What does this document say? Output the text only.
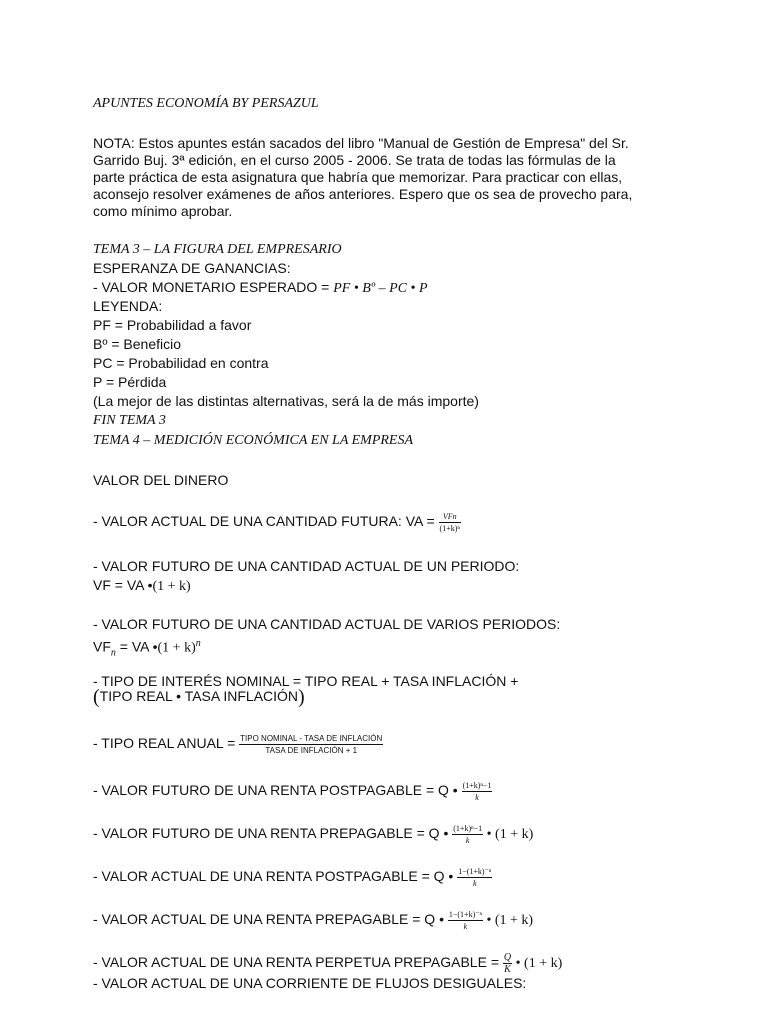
APUNTES ECONOMÍA BY PERSAZUL
NOTA: Estos apuntes están sacados del libro "Manual de Gestión de Empresa" del Sr.
Garrido Buj. 3ª edición, en el curso 2005 - 2006. Se trata de todas las fórmulas de la
parte práctica de esta asignatura que habría que memorizar. Para practicar con ellas,
aconsejo resolver exámenes de años anteriores. Espero que os sea de provecho para,
como mínimo aprobar.
TEMA 3 – LA FIGURA DEL EMPRESARIO
ESPERANZA DE GANANCIAS:
- VALOR MONETARIO ESPERADO = PF • Bº – PC • P
LEYENDA:
PF = Probabilidad a favor
Bº = Beneficio
PC = Probabilidad en contra
P = Pérdida
(La mejor de las distintas alternativas, será la de más importe)
FIN TEMA 3
TEMA 4 – MEDICIÓN ECONÓMICA EN LA EMPRESA
VALOR DEL DINERO
- VALOR ACTUAL DE UNA CANTIDAD FUTURA: VA = $\frac{\text{VFn}}{\text{(1+k)ⁿ}}$
- VALOR FUTURO DE UNA CANTIDAD ACTUAL DE UN PERIODO:
VF = VA •(1 + k)
- VALOR FUTURO DE UNA CANTIDAD ACTUAL DE VARIOS PERIODOS:
$VF_n$ = VA •(1 + k)$^n$
- TIPO DE INTERÉS NOMINAL = TIPO REAL + TASA INFLACIÓN +
(TIPO REAL • TASA INFLACIÓN)
- TIPO REAL ANUAL = $\frac{\text{TIPO NOMINAL - TASA DE INFLACIÓN}}{\text{TASA DE INFLACIÓN + 1}}$
- VALOR FUTURO DE UNA RENTA POSTPAGABLE = Q • $\frac{\text{(1+k)ⁿ−1}}{k}$
- VALOR FUTURO DE UNA RENTA PREPAGABLE = Q • $\frac{\text{(1+k)ⁿ−1}}{k}$ • (1 + k)
- VALOR ACTUAL DE UNA RENTA POSTPAGABLE = Q • $\frac{\text{1−(1+k)⁻ⁿ}}{k}$
- VALOR ACTUAL DE UNA RENTA PREPAGABLE = Q • $\frac{\text{1−(1+k)⁻ⁿ}}{k}$ • (1 + k)
- VALOR ACTUAL DE UNA RENTA PERPETUA PREPAGABLE = $\frac{Q}{K}$ • (1 + k)
- VALOR ACTUAL DE UNA CORRIENTE DE FLUJOS DESIGUALES:
